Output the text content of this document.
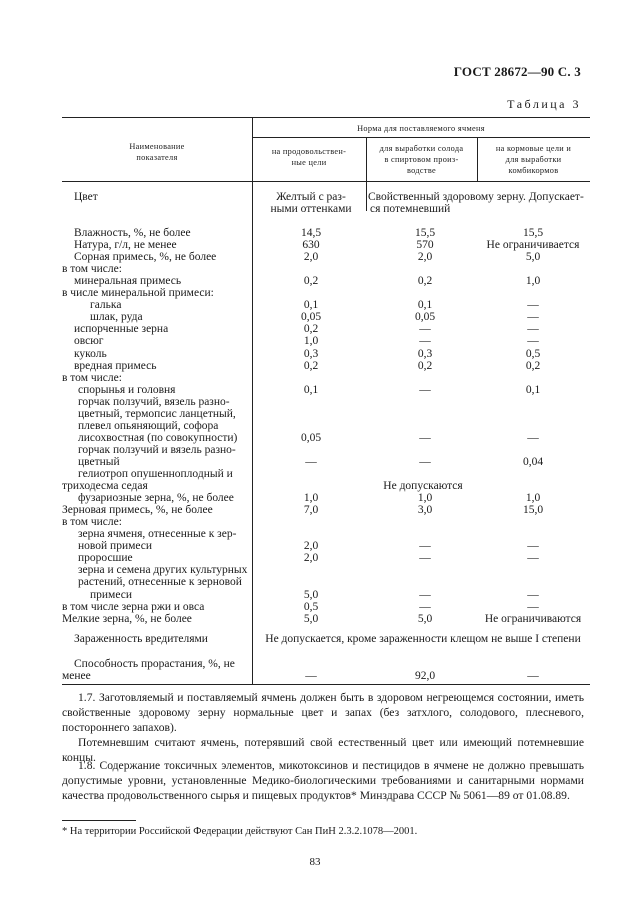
ГОСТ 28672—90 С. 3
Таблица 3
Наименование
показателя
Норма для поставляемого ячменя
на продовольствен-
ные цели
для выработки солода
в спиртовом произ-
водстве
на кормовые цели и
для выработки
комбикормов
Цвет	Желтый с раз-
ными оттенками
Свойственный здоровому зерну. Допускает-
ся потемневший
Влажность, %, не более	14,5	15,5	15,5
Натура, г/л, не менее	630	570	Не ограничивается
Сорная примесь, %, не более	2,0	2,0	5,0
в том числе:
минеральная примесь	0,2	0,2	1,0
в числе минеральной примеси:
галька	0,1	0,1	—
шлак, руда	0,05	0,05	—
испорченные зерна	0,2	—	—
овсюг	1,0	—	—
куколь	0,3	0,3	0,5
вредная примесь	0,2	0,2	0,2
в том числе:
спорынья и головня	0,1	—	0,1
горчак ползучий, вязель разно-
цветный, термопсис ланцетный,
плевел опьяняющий, софора
лисохвостная (по совокупности)	0,05	—	—
горчак ползучий и вязель разно-
цветный	—	—	0,04
гелиотроп опушенноплодный и
триходесма седая	Не допускаются
фузариозные зерна, %, не более	1,0	1,0	1,0
Зерновая примесь, %, не более	7,0	3,0	15,0
в том числе:
зерна ячменя, отнесенные к зер-
новой примеси	2,0	—	—
проросшие	2,0	—	—
зерна и семена других культурных
растений, отнесенные к зерновой
примеси	5,0	—	—
в том числе зерна ржи и овса	0,5	—	—
Мелкие зерна, %, не более	5,0	5,0	Не ограничиваются
Зараженность вредителями	Не допускается, кроме зараженности клещом не выше I степени
Способность прорастания, %, не
менее	—	92,0	—
1.7. Заготовляемый и поставляемый ячмень должен быть в здоровом негреющемся состоянии, иметь свойственные здоровому зерну нормальные цвет и запах (без затхлого, солодового, плесневого, постороннего запахов).
Потемневшим считают ячмень, потерявший свой естественный цвет или имеющий потемневшие концы.
1.8. Содержание токсичных элементов, микотоксинов и пестицидов в ячмене не должно превышать допустимые уровни, установленные Медико-биологическими требованиями и санитарными нормами качества продовольственного сырья и пищевых продуктов* Минздрава СССР № 5061—89 от 01.08.89.
* На территории Российской Федерации действуют Сан ПиН 2.3.2.1078—2001.
83
